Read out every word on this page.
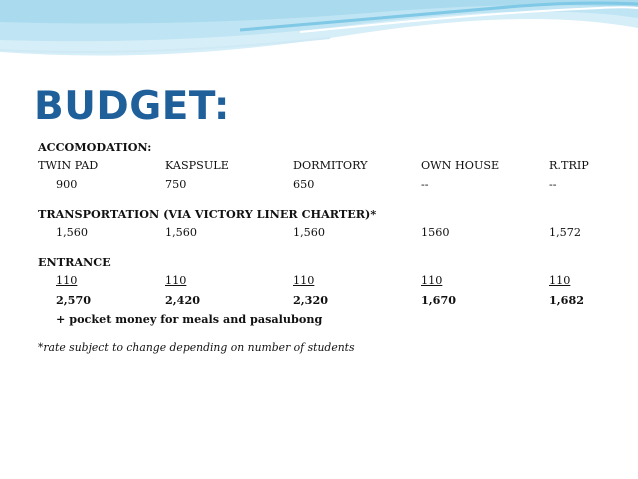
BUDGET:
ACCOMODATION:
TWIN PAD	KASPSULE	DORMITORY	OWN HOUSE	R.TRIP
900	750	650	--	--
TRANSPORTATION (VIA VICTORY LINER CHARTER)*
1,560	1,560	1,560	1560	1,572
ENTRANCE
110	110	110	110	110
2,570	2,420	2,320	1,670	1,682
+ pocket money for meals and pasalubong
*rate subject to change depending on number of students
